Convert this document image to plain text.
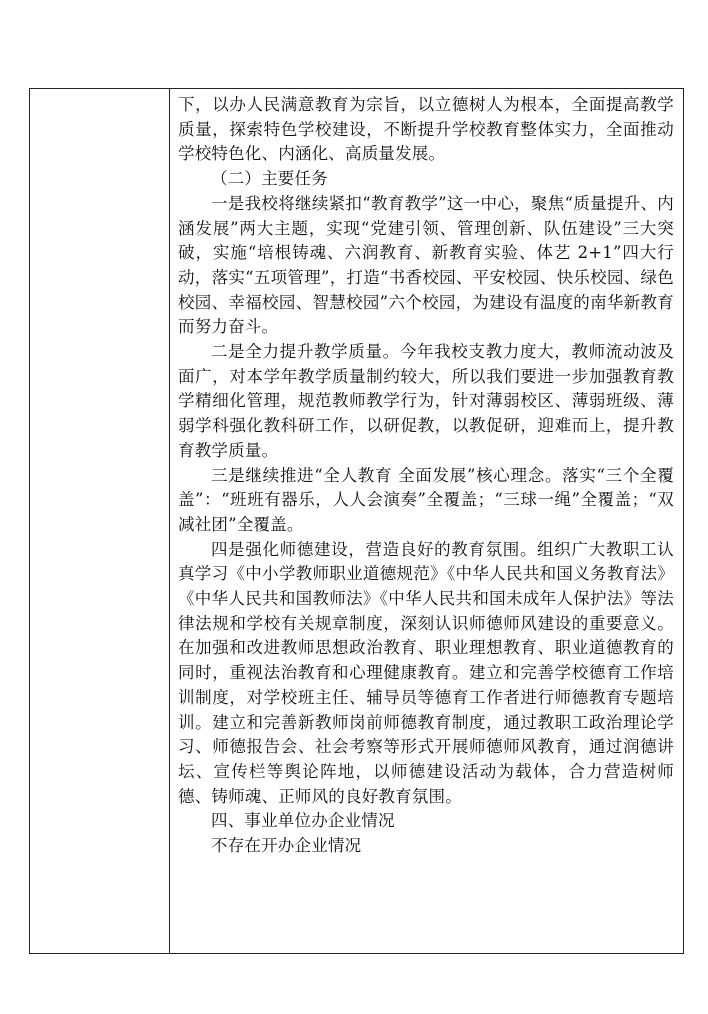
下，以办人民满意教育为宗旨，以立德树人为根本，全面提高教学质量，探索特色学校建设，不断提升学校教育整体实力，全面推动学校特色化、内涵化、高质量发展。

（二）主要任务

一是我校将继续紧扣“教育教学”这一中心，聚焦“质量提升、内涵发展”两大主题，实现“党建引领、管理创新、队伍建设”三大突破，实施“培根铸魂、六润教育、新教育实验、体艺 2+1”四大行动，落实“五项管理”，打造“书香校园、平安校园、快乐校园、绿色校园、幸福校园、智慧校园”六个校园，为建设有温度的南华新教育而努力奋斗。

二是全力提升教学质量。今年我校支教力度大，教师流动波及面广，对本学年教学质量制约较大，所以我们要进一步加强教育教学精细化管理，规范教师教学行为，针对薄弱校区、薄弱班级、薄弱学科强化教科研工作，以研促教，以教促研，迎难而上，提升教育教学质量。

三是继续推进“全人教育 全面发展”核心理念。落实“三个全覆盖”：“班班有器乐，人人会演奏”全覆盖；“三球一绳”全覆盖；“双减社团”全覆盖。

四是强化师德建设，营造良好的教育氛围。组织广大教职工认真学习《中小学教师职业道德规范》《中华人民共和国义务教育法》《中华人民共和国教师法》《中华人民共和国未成年人保护法》等法律法规和学校有关规章制度，深刻认识师德师风建设的重要意义。在加强和改进教师思想政治教育、职业理想教育、职业道德教育的同时，重视法治教育和心理健康教育。建立和完善学校德育工作培训制度，对学校班主任、辅导员等德育工作者进行师德教育专题培训。建立和完善新教师岗前师德教育制度，通过教职工政治理论学习、师德报告会、社会考察等形式开展师德师风教育，通过润德讲坛、宣传栏等舆论阵地，以师德建设活动为载体，合力营造树师德、铸师魂、正师风的良好教育氛围。

四、事业单位办企业情况

不存在开办企业情况
